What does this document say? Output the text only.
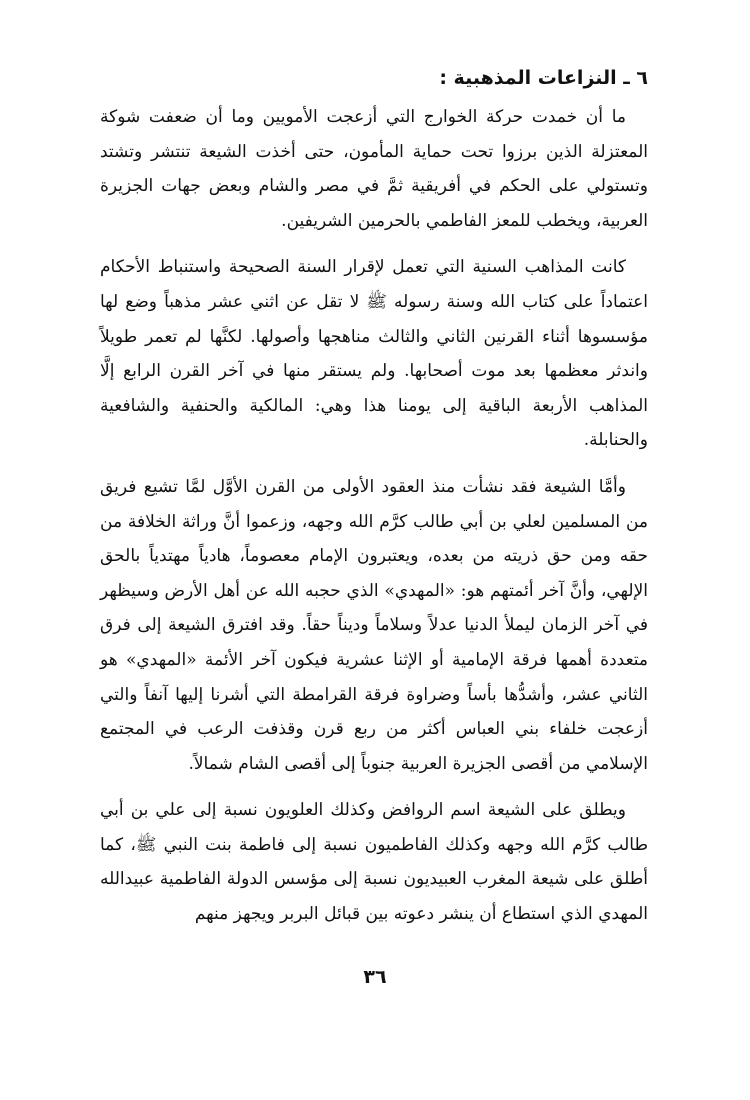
٦ ـ النزاعات المذهبية :

ما أن خمدت حركة الخوارج التي أزعجت الأمويين وما أن ضعفت شوكة المعتزلة الذين برزوا تحت حماية المأمون، حتى أخذت الشيعة تنتشر وتشتد وتستولي على الحكم في أفريقية ثمَّ في مصر والشام وبعض جهات الجزيرة العربية، ويخطب للمعز الفاطمي بالحرمين الشريفين.

كانت المذاهب السنية التي تعمل لإقرار السنة الصحيحة واستنباط الأحكام اعتماداً على كتاب الله وسنة رسوله ﷺ لا تقل عن اثني عشر مذهباً وضع لها مؤسسوها أثناء القرنين الثاني والثالث مناهجها وأصولها. لكنَّها لم تعمر طويلاً واندثر معظمها بعد موت أصحابها. ولم يستقر منها في آخر القرن الرابع إلَّا المذاهب الأربعة الباقية إلى يومنا هذا وهي: المالكية والحنفية والشافعية والحنابلة.

وأمَّا الشيعة فقد نشأت منذ العقود الأولى من القرن الأوَّل لمَّا تشيع فريق من المسلمين لعلي بن أبي طالب كرَّم الله وجهه، وزعموا أنَّ وراثة الخلافة من حقه ومن حق ذريته من بعده، ويعتبرون الإمام معصوماً، هادياً مهتدياً بالحق الإلهي، وأنَّ آخر أئمتهم هو: «المهدي» الذي حجبه الله عن أهل الأرض وسيظهر في آخر الزمان ليملأ الدنيا عدلاً وسلاماً وديناً حقاً. وقد افترق الشيعة إلى فرق متعددة أهمها فرقة الإمامية أو الإثنا عشرية فيكون آخر الأئمة «المهدي» هو الثاني عشر، وأشدُّها بأساً وضراوة فرقة القرامطة التي أشرنا إليها آنفاً والتي أزعجت خلفاء بني العباس أكثر من ربع قرن وقذفت الرعب في المجتمع الإسلامي من أقصى الجزيرة العربية جنوباً إلى أقصى الشام شمالاً.

ويطلق على الشيعة اسم الروافض وكذلك العلويون نسبة إلى علي بن أبي طالب كرَّم الله وجهه وكذلك الفاطميون نسبة إلى فاطمة بنت النبي ﷺ، كما أطلق على شيعة المغرب العبيديون نسبة إلى مؤسس الدولة الفاطمية عبيدالله المهدي الذي استطاع أن ينشر دعوته بين قبائل البربر ويجهز منهم

٣٦
